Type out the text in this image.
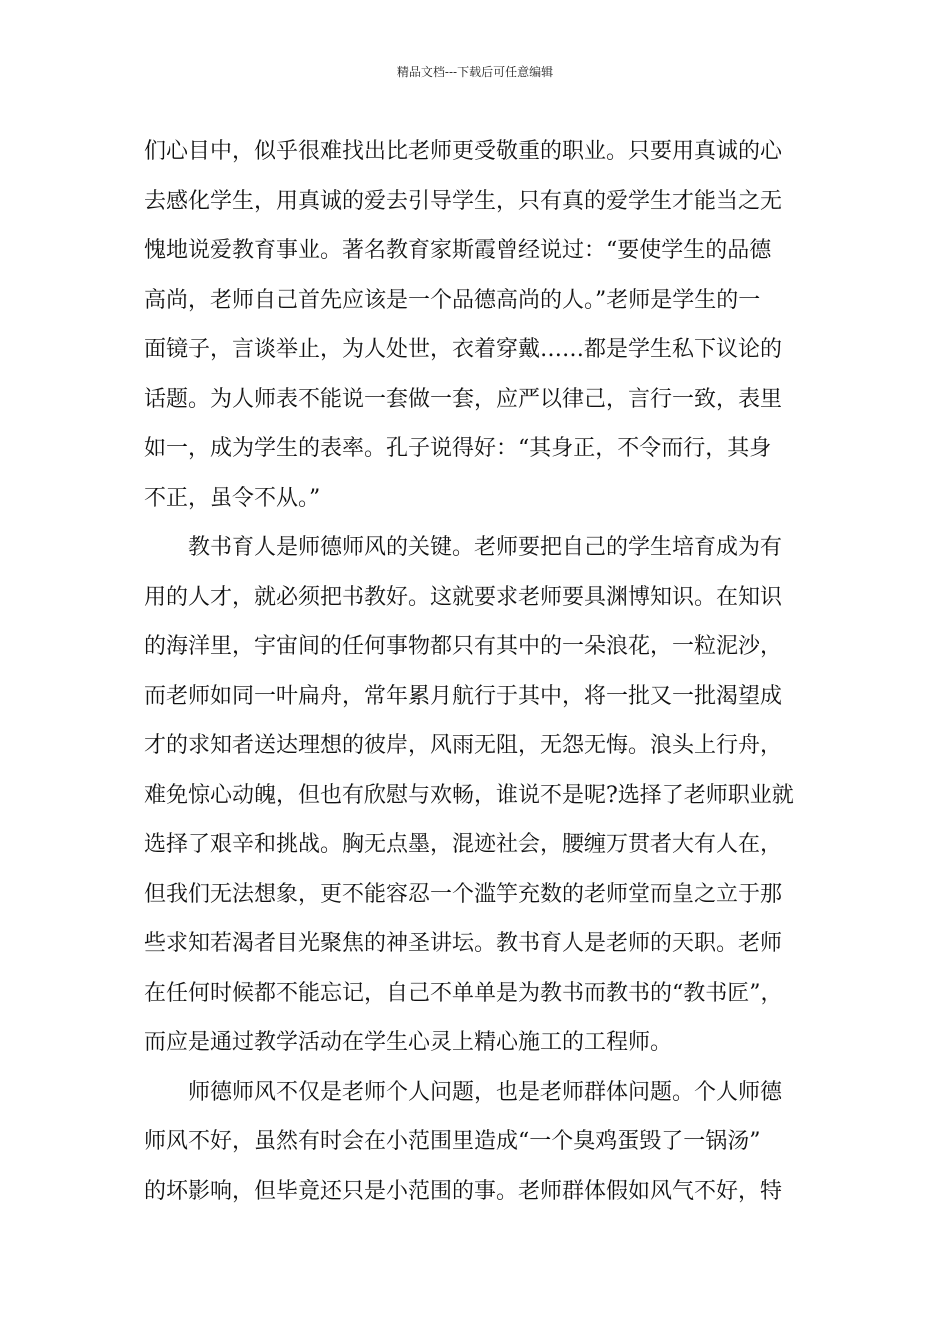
精品文档---下载后可任意编辑
们心目中，似乎很难找出比老师更受敬重的职业。只要用真诚的心
去感化学生，用真诚的爱去引导学生，只有真的爱学生才能当之无
愧地说爱教育事业。著名教育家斯霞曾经说过：“要使学生的品德
高尚，老师自己首先应该是一个品德高尚的人。”老师是学生的一
面镜子，言谈举止，为人处世，衣着穿戴……都是学生私下议论的
话题。为人师表不能说一套做一套，应严以律己，言行一致，表里
如一，成为学生的表率。孔子说得好：“其身正，不令而行，其身
不正，虽令不从。”
教书育人是师德师风的关键。老师要把自己的学生培育成为有
用的人才，就必须把书教好。这就要求老师要具渊博知识。在知识
的海洋里，宇宙间的任何事物都只有其中的一朵浪花，一粒泥沙，
而老师如同一叶扁舟，常年累月航行于其中，将一批又一批渴望成
才的求知者送达理想的彼岸，风雨无阻，无怨无悔。浪头上行舟，
难免惊心动魄，但也有欣慰与欢畅，谁说不是呢?选择了老师职业就
选择了艰辛和挑战。胸无点墨，混迹社会，腰缠万贯者大有人在，
但我们无法想象，更不能容忍一个滥竽充数的老师堂而皇之立于那
些求知若渴者目光聚焦的神圣讲坛。教书育人是老师的天职。老师
在任何时候都不能忘记，自己不单单是为教书而教书的“教书匠”，
而应是通过教学活动在学生心灵上精心施工的工程师。
师德师风不仅是老师个人问题，也是老师群体问题。个人师德
师风不好，虽然有时会在小范围里造成“一个臭鸡蛋毁了一锅汤”
的坏影响，但毕竟还只是小范围的事。老师群体假如风气不好，特
